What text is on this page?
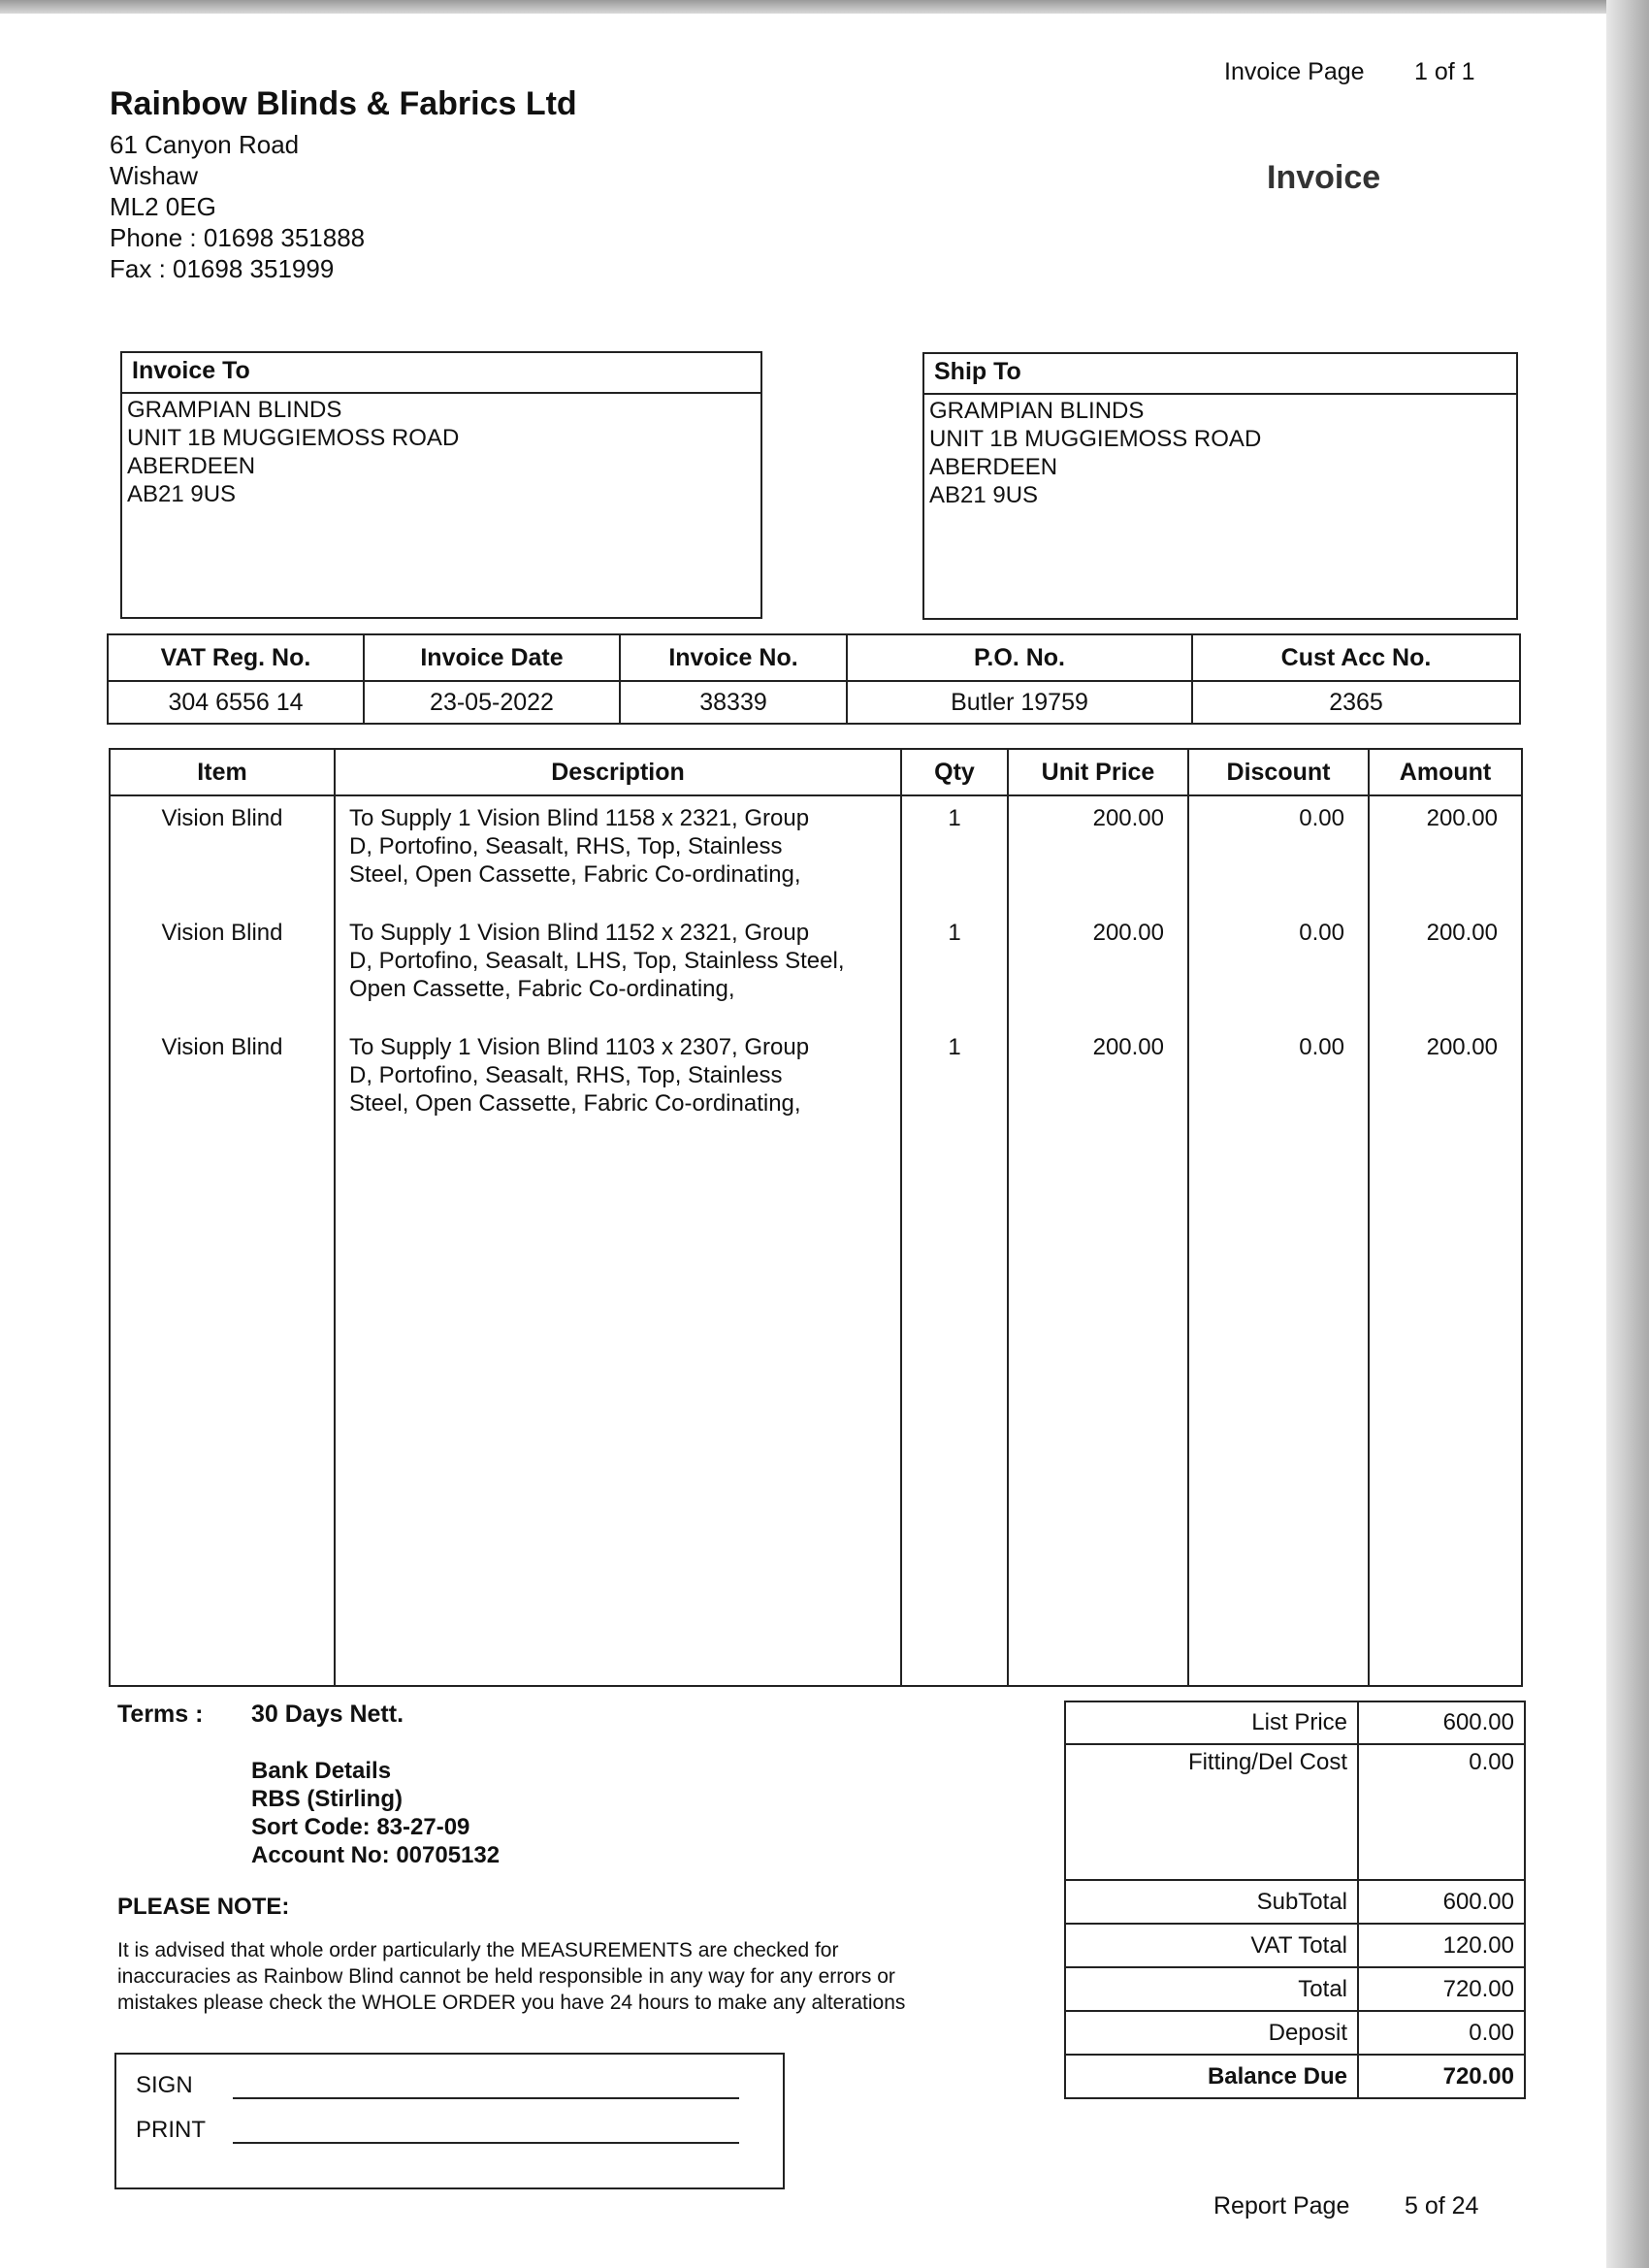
Invoice Page 1 of 1
Rainbow Blinds & Fabrics Ltd
61 Canyon Road
Wishaw
ML2 0EG
Phone : 01698 351888
Fax : 01698 351999
Invoice
Invoice To
GRAMPIAN BLINDS
UNIT 1B MUGGIEMOSS ROAD
ABERDEEN
AB21 9US
Ship To
GRAMPIAN BLINDS
UNIT 1B MUGGIEMOSS ROAD
ABERDEEN
AB21 9US
VAT Reg. No.	Invoice Date	Invoice No.	P.O. No.	Cust Acc No.
304 6556 14	23-05-2022	38339	Butler 19759	2365
Item	Description	Qty	Unit Price	Discount	Amount
Vision Blind	To Supply 1 Vision Blind 1158 x 2321, Group
D, Portofino, Seasalt, RHS, Top, Stainless
Steel, Open Cassette, Fabric Co-ordinating,	1	200.00	0.00	200.00
Vision Blind	To Supply 1 Vision Blind 1152 x 2321, Group
D, Portofino, Seasalt, LHS, Top, Stainless Steel,
Open Cassette, Fabric Co-ordinating,	1	200.00	0.00	200.00
Vision Blind	To Supply 1 Vision Blind 1103 x 2307, Group
D, Portofino, Seasalt, RHS, Top, Stainless
Steel, Open Cassette, Fabric Co-ordinating,	1	200.00	0.00	200.00

Terms : 30 Days Nett.
Bank Details
RBS (Stirling)
Sort Code: 83-27-09
Account No: 00705132
PLEASE NOTE:
It is advised that whole order particularly the MEASUREMENTS are checked for
inaccuracies as Rainbow Blind cannot be held responsible in any way for any errors or
mistakes please check the WHOLE ORDER you have 24 hours to make any alterations
List Price	600.00
Fitting/Del Cost	0.00
SubTotal	600.00
VAT Total	120.00
Total	720.00
Deposit	0.00
Balance Due	720.00
SIGN
PRINT
Report Page 5 of 24
